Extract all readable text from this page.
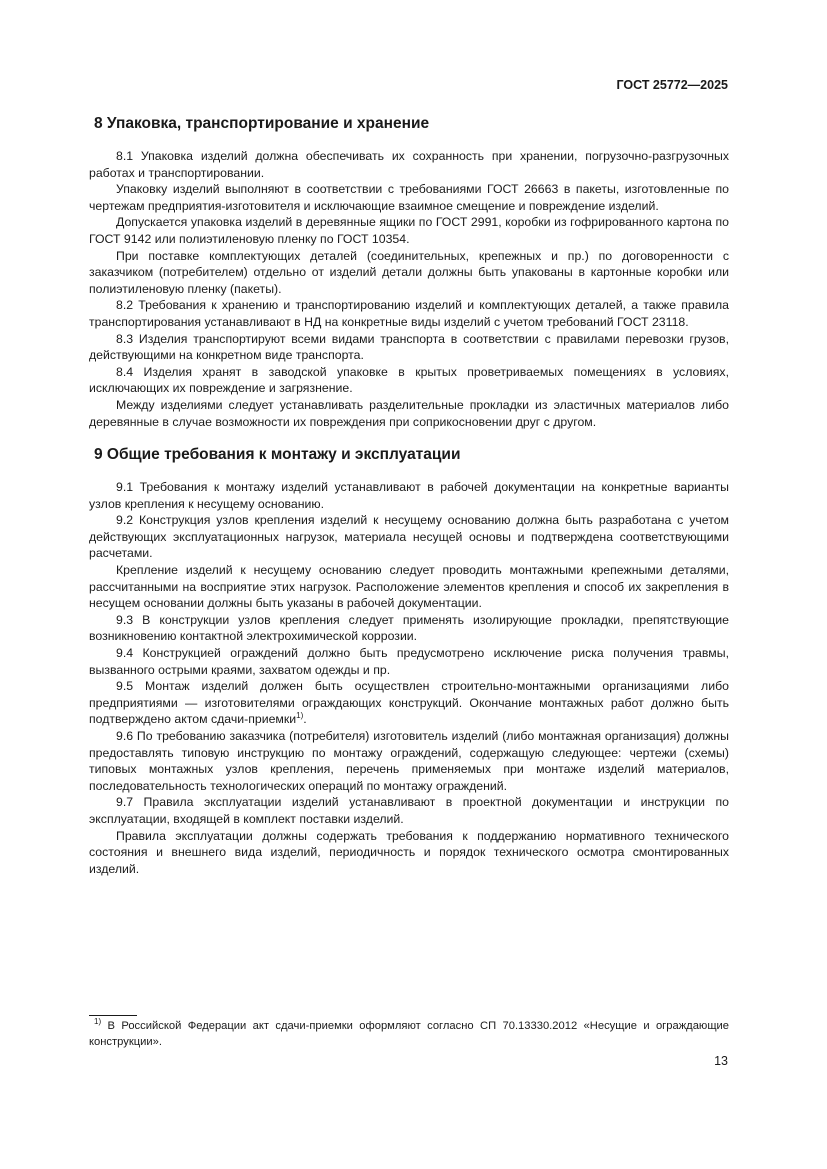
ГОСТ 25772—2025
8 Упаковка, транспортирование и хранение

8.1 Упаковка изделий должна обеспечивать их сохранность при хранении, погрузочно-разгрузочных работах и транспортировании.

Упаковку изделий выполняют в соответствии с требованиями ГОСТ 26663 в пакеты, изготовленные по чертежам предприятия-изготовителя и исключающие взаимное смещение и повреждение изделий.

Допускается упаковка изделий в деревянные ящики по ГОСТ 2991, коробки из гофрированного картона по ГОСТ 9142 или полиэтиленовую пленку по ГОСТ 10354.

При поставке комплектующих деталей (соединительных, крепежных и пр.) по договоренности с заказчиком (потребителем) отдельно от изделий детали должны быть упакованы в картонные коробки или полиэтиленовую пленку (пакеты).

8.2 Требования к хранению и транспортированию изделий и комплектующих деталей, а также правила транспортирования устанавливают в НД на конкретные виды изделий с учетом требований ГОСТ 23118.

8.3 Изделия транспортируют всеми видами транспорта в соответствии с правилами перевозки грузов, действующими на конкретном виде транспорта.

8.4 Изделия хранят в заводской упаковке в крытых проветриваемых помещениях в условиях, исключающих их повреждение и загрязнение.

Между изделиями следует устанавливать разделительные прокладки из эластичных материалов либо деревянные в случае возможности их повреждения при соприкосновении друг с другом.

9 Общие требования к монтажу и эксплуатации

9.1 Требования к монтажу изделий устанавливают в рабочей документации на конкретные варианты узлов крепления к несущему основанию.

9.2 Конструкция узлов крепления изделий к несущему основанию должна быть разработана с учетом действующих эксплуатационных нагрузок, материала несущей основы и подтверждена соответствующими расчетами.

Крепление изделий к несущему основанию следует проводить монтажными крепежными деталями, рассчитанными на восприятие этих нагрузок. Расположение элементов крепления и способ их закрепления в несущем основании должны быть указаны в рабочей документации.

9.3 В конструкции узлов крепления следует применять изолирующие прокладки, препятствующие возникновению контактной электрохимической коррозии.

9.4 Конструкцией ограждений должно быть предусмотрено исключение риска получения травмы, вызванного острыми краями, захватом одежды и пр.

9.5 Монтаж изделий должен быть осуществлен строительно-монтажными организациями либо предприятиями — изготовителями ограждающих конструкций. Окончание монтажных работ должно быть подтверждено актом сдачи-приемки$^{1)}$.

9.6 По требованию заказчика (потребителя) изготовитель изделий (либо монтажная организация) должны предоставлять типовую инструкцию по монтажу ограждений, содержащую следующее: чертежи (схемы) типовых монтажных узлов крепления, перечень применяемых при монтаже изделий материалов, последовательность технологических операций по монтажу ограждений.

9.7 Правила эксплуатации изделий устанавливают в проектной документации и инструкции по эксплуатации, входящей в комплект поставки изделий.

Правила эксплуатации должны содержать требования к поддержанию нормативного технического состояния и внешнего вида изделий, периодичность и порядок технического осмотра смонтированных изделий.

$^{1)}$ В Российской Федерации акт сдачи-приемки оформляют согласно СП 70.13330.2012 «Несущие и ограждающие конструкции».
13
